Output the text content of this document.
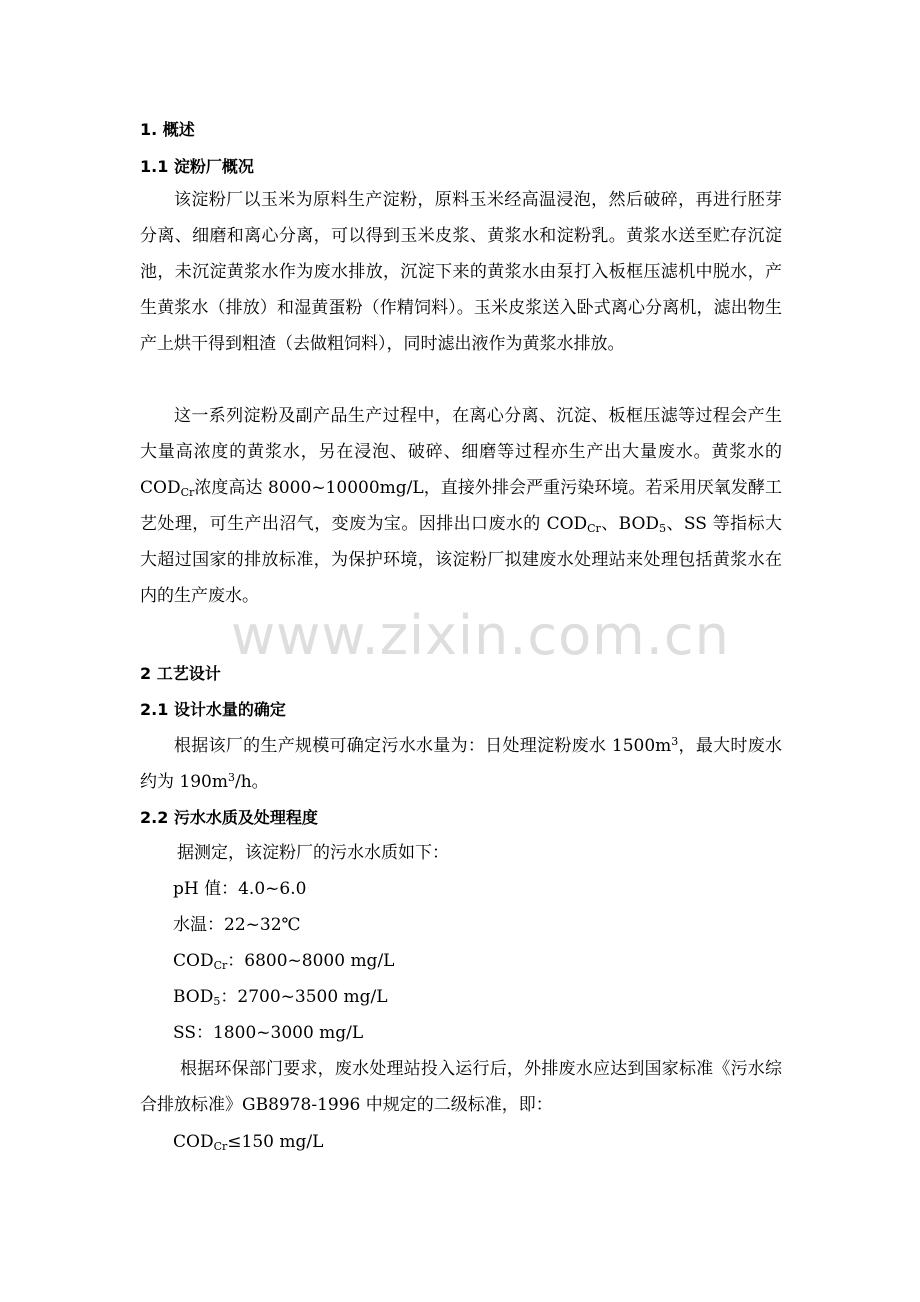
1. 概述
1.1 淀粉厂概况

该淀粉厂以玉米为原料生产淀粉，原料玉米经高温浸泡，然后破碎，再进行胚芽分离、细磨和离心分离，可以得到玉米皮浆、黄浆水和淀粉乳。黄浆水送至贮存沉淀池，未沉淀黄浆水作为废水排放，沉淀下来的黄浆水由泵打入板框压滤机中脱水，产生黄浆水（排放）和湿黄蛋粉（作精饲料）。玉米皮浆送入卧式离心分离机，滤出物生产上烘干得到粗渣（去做粗饲料），同时滤出液作为黄浆水排放。

这一系列淀粉及副产品生产过程中，在离心分离、沉淀、板框压滤等过程会产生大量高浓度的黄浆水，另在浸泡、破碎、细磨等过程亦生产出大量废水。黄浆水的 $COD_{Cr}$浓度高达 8000~10000mg/L，直接外排会严重污染环境。若采用厌氧发酵工艺处理，可生产出沼气，变废为宝。因排出口废水的 $COD_{Cr}$、$BOD_5$、SS 等指标大大超过国家的排放标准，为保护环境，该淀粉厂拟建废水处理站来处理包括黄浆水在内的生产废水。

www.zixin.com.cn
2 工艺设计
2.1 设计水量的确定

根据该厂的生产规模可确定污水水量为：日处理淀粉废水 $1500m^3$，最大时废水约为 $190m^3/h$。

2.2 污水水质及处理程度

据测定，该淀粉厂的污水水质如下：

pH 值：4.0~6.0

水温：22~32℃

$COD_{Cr}$：6800~8000 mg/L

$BOD_5$：2700~3500 mg/L

SS：1800~3000 mg/L

根据环保部门要求，废水处理站投入运行后，外排废水应达到国家标准《污水综合排放标准》GB8978-1996 中规定的二级标准，即：

$COD_{Cr}\le 150$ mg/L
